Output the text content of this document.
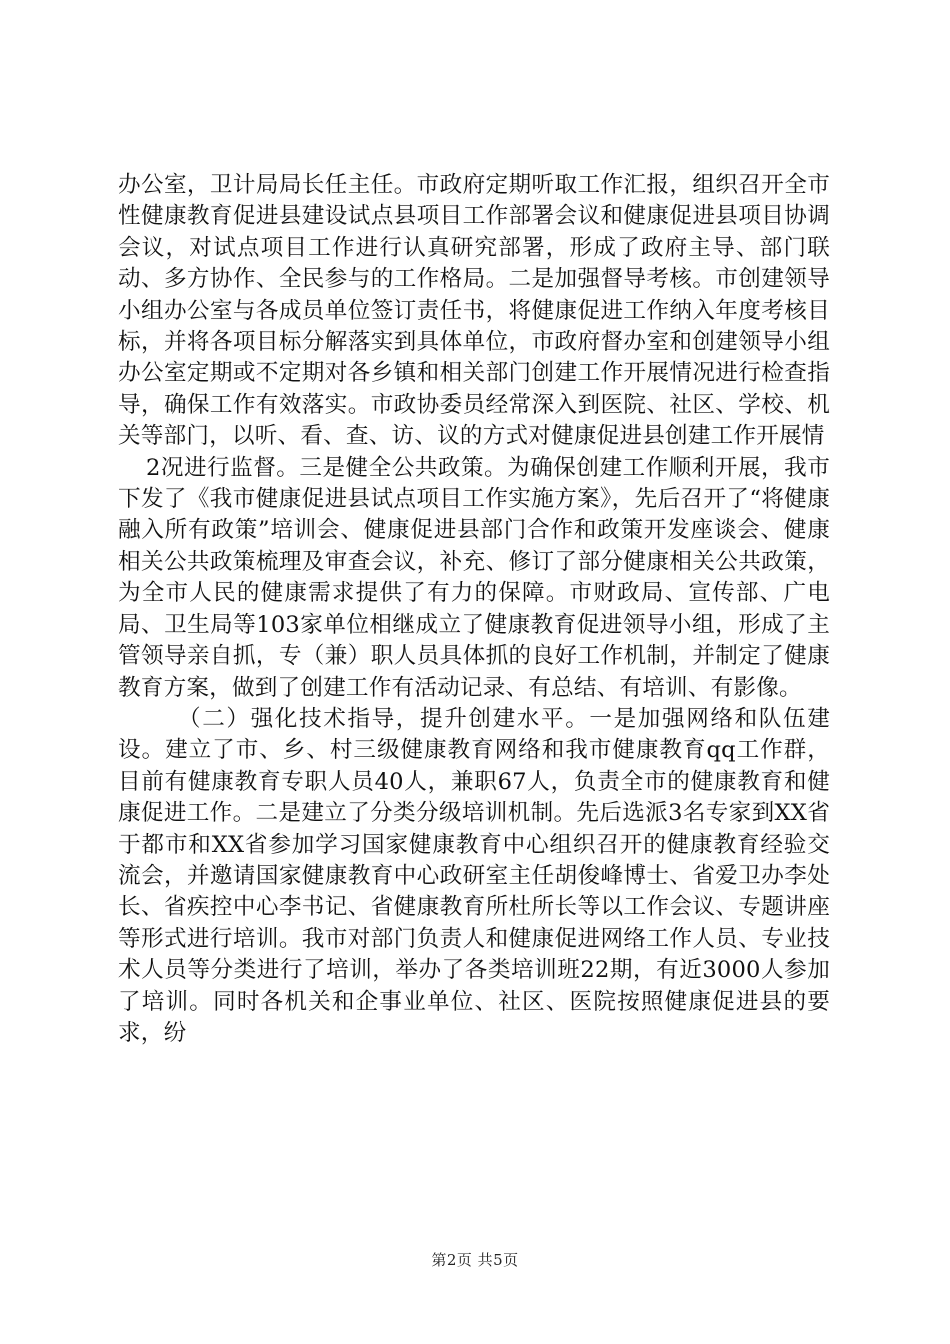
办公室，卫计局局长任主任。市政府定期听取工作汇报，组织召开全市性健康教育促进县建设试点县项目工作部署会议和健康促进县项目协调会议，对试点项目工作进行认真研究部署，形成了政府主导、部门联动、多方协作、全民参与的工作格局。二是加强督导考核。市创建领导小组办公室与各成员单位签订责任书，将健康促进工作纳入年度考核目标，并将各项目标分解落实到具体单位，市政府督办室和创建领导小组办公室定期或不定期对各乡镇和相关部门创建工作开展情况进行检查指导，确保工作有效落实。市政协委员经常深入到医院、社区、学校、机关等部门，以听、看、查、访、议的方式对健康促进县创建工作开展情

2况进行监督。三是健全公共政策。为确保创建工作顺利开展，我市下发了《我市健康促进县试点项目工作实施方案》，先后召开了“将健康融入所有政策”培训会、健康促进县部门合作和政策开发座谈会、健康相关公共政策梳理及审查会议，补充、修订了部分健康相关公共政策，为全市人民的健康需求提供了有力的保障。市财政局、宣传部、广电局、卫生局等103家单位相继成立了健康教育促进领导小组，形成了主管领导亲自抓，专（兼）职人员具体抓的良好工作机制，并制定了健康教育方案，做到了创建工作有活动记录、有总结、有培训、有影像。

（二）强化技术指导，提升创建水平。一是加强网络和队伍建设。建立了市、乡、村三级健康教育网络和我市健康教育qq工作群，目前有健康教育专职人员40人，兼职67人，负责全市的健康教育和健康促进工作。二是建立了分类分级培训机制。先后选派3名专家到XX省于都市和XX省参加学习国家健康教育中心组织召开的健康教育经验交流会，并邀请国家健康教育中心政研室主任胡俊峰博士、省爱卫办李处长、省疾控中心李书记、省健康教育所杜所长等以工作会议、专题讲座等形式进行培训。我市对部门负责人和健康促进网络工作人员、专业技术人员等分类进行了培训，举办了各类培训班22期，有近3000人参加了培训。同时各机关和企事业单位、社区、医院按照健康促进县的要求，纷

第2页 共5页
